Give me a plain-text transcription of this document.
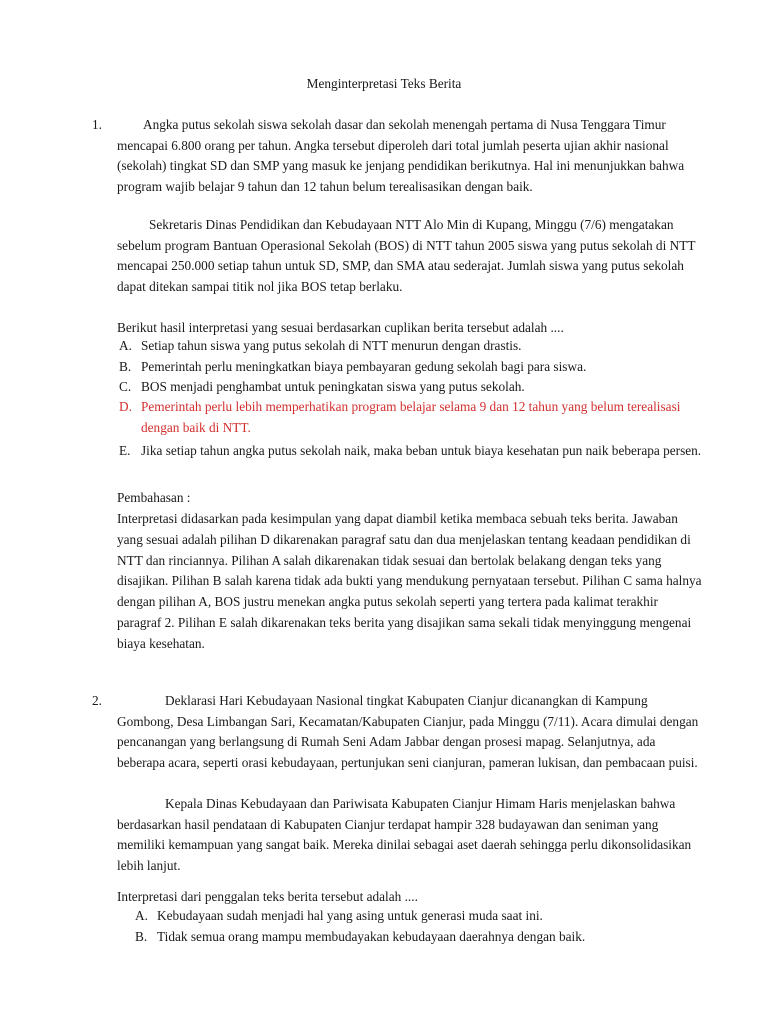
Menginterpretasi Teks Berita
1.	Angka putus sekolah siswa sekolah dasar dan sekolah menengah pertama di Nusa Tenggara Timur mencapai 6.800 orang per tahun. Angka tersebut diperoleh dari total jumlah peserta ujian akhir nasional (sekolah) tingkat SD dan SMP yang masuk ke jenjang pendidikan berikutnya. Hal ini menunjukkan bahwa program wajib belajar 9 tahun dan 12 tahun belum terealisasikan dengan baik.

Sekretaris Dinas Pendidikan dan Kebudayaan NTT Alo Min di Kupang, Minggu (7/6) mengatakan sebelum program Bantuan Operasional Sekolah (BOS) di NTT tahun 2005 siswa yang putus sekolah di NTT mencapai 250.000 setiap tahun untuk SD, SMP, dan SMA atau sederajat. Jumlah siswa yang putus sekolah dapat ditekan sampai titik nol jika BOS tetap berlaku.

Berikut hasil interpretasi yang sesuai berdasarkan cuplikan berita tersebut adalah ....

A. Setiap tahun siswa yang putus sekolah di NTT menurun dengan drastis.
B. Pemerintah perlu meningkatkan biaya pembayaran gedung sekolah bagi para siswa.
C. BOS menjadi penghambat untuk peningkatan siswa yang putus sekolah.
D. Pemerintah perlu lebih memperhatikan program belajar selama 9 dan 12 tahun yang belum terealisasi dengan baik di NTT.
E. Jika setiap tahun angka putus sekolah naik, maka beban untuk biaya kesehatan pun naik beberapa persen.

Pembahasan :

Interpretasi didasarkan pada kesimpulan yang dapat diambil ketika membaca sebuah teks berita. Jawaban yang sesuai adalah pilihan D dikarenakan paragraf satu dan dua menjelaskan tentang keadaan pendidikan di NTT dan rinciannya. Pilihan A salah dikarenakan tidak sesuai dan bertolak belakang dengan teks yang disajikan. Pilihan B salah karena tidak ada bukti yang mendukung pernyataan tersebut. Pilihan C sama halnya dengan pilihan A, BOS justru menekan angka putus sekolah seperti yang tertera pada kalimat terakhir paragraf 2. Pilihan E salah dikarenakan teks berita yang disajikan sama sekali tidak menyinggung mengenai biaya kesehatan.

2.	Deklarasi Hari Kebudayaan Nasional tingkat Kabupaten Cianjur dicanangkan di Kampung Gombong, Desa Limbangan Sari, Kecamatan/Kabupaten Cianjur, pada Minggu (7/11). Acara dimulai dengan pencanangan yang berlangsung di Rumah Seni Adam Jabbar dengan prosesi mapag. Selanjutnya, ada beberapa acara, seperti orasi kebudayaan, pertunjukan seni cianjuran, pameran lukisan, dan pembacaan puisi.

Kepala Dinas Kebudayaan dan Pariwisata Kabupaten Cianjur Himam Haris menjelaskan bahwa berdasarkan hasil pendataan di Kabupaten Cianjur terdapat hampir 328 budayawan dan seniman yang memiliki kemampuan yang sangat baik. Mereka dinilai sebagai aset daerah sehingga perlu dikonsolidasikan lebih lanjut.

Interpretasi dari penggalan teks berita tersebut adalah ....

A. Kebudayaan sudah menjadi hal yang asing untuk generasi muda saat ini.
B. Tidak semua orang mampu membudayakan kebudayaan daerahnya dengan baik.
